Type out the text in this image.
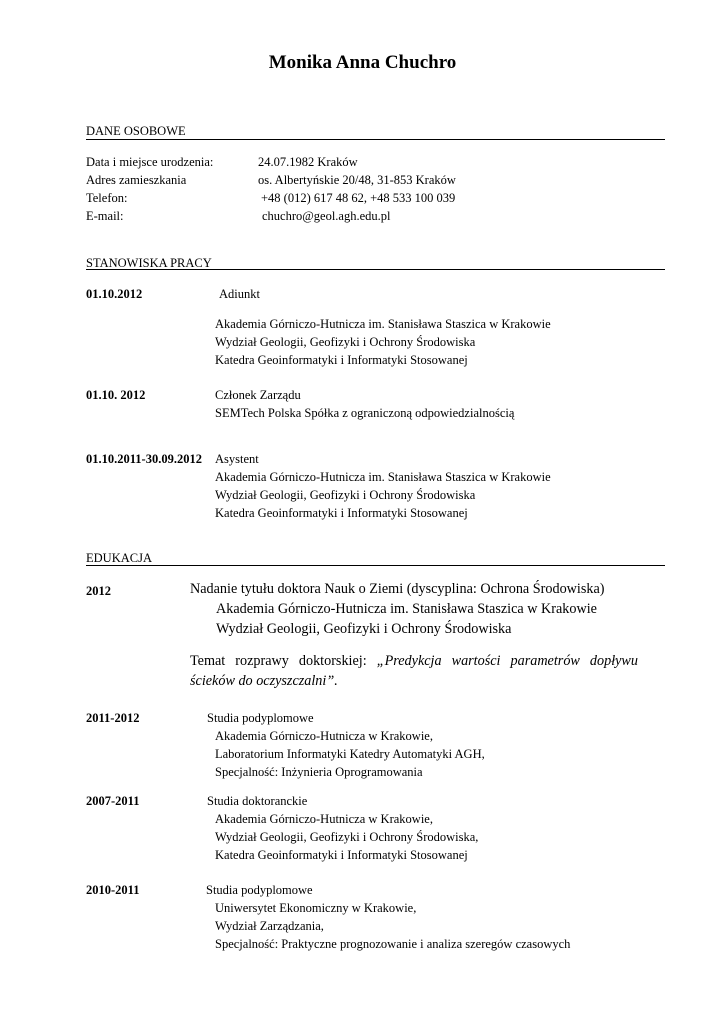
Monika Anna Chuchro
DANE OSOBOWE
Data i miejsce urodzenia:	24.07.1982 Kraków
Adres zamieszkania	os. Albertyńskie 20/48, 31-853 Kraków
Telefon:	+48 (012) 617 48 62, +48 533 100 039
E-mail:	chuchro@geol.agh.edu.pl
STANOWISKA PRACY
01.10.2012	Adiunkt
Akademia Górniczo-Hutnicza im. Stanisława Staszica w Krakowie
Wydział Geologii, Geofizyki i Ochrony Środowiska
Katedra Geoinformatyki i Informatyki Stosowanej
01.10. 2012	Członek Zarządu
SEMTech Polska Spółka z ograniczoną odpowiedzialnością
01.10.2011-30.09.2012 Asystent
Akademia Górniczo-Hutnicza im. Stanisława Staszica w Krakowie
Wydział Geologii, Geofizyki i Ochrony Środowiska
Katedra Geoinformatyki i Informatyki Stosowanej
EDUKACJA
2012	Nadanie tytułu doktora Nauk o Ziemi (dyscyplina: Ochrona Środowiska)
Akademia Górniczo-Hutnicza im. Stanisława Staszica w Krakowie
Wydział Geologii, Geofizyki i Ochrony Środowiska
Temat rozprawy doktorskiej: „Predykcja wartości parametrów dopływu ścieków do oczyszczalni”.
2011-2012	Studia podyplomowe
Akademia Górniczo-Hutnicza w Krakowie,
Laboratorium Informatyki Katedry Automatyki AGH,
Specjalność: Inżynieria Oprogramowania
2007-2011	Studia doktoranckie
Akademia Górniczo-Hutnicza w Krakowie,
Wydział Geologii, Geofizyki i Ochrony Środowiska,
Katedra Geoinformatyki i Informatyki Stosowanej
2010-2011	Studia podyplomowe
Uniwersytet Ekonomiczny w Krakowie,
Wydział Zarządzania,
Specjalność: Praktyczne prognozowanie i analiza szeregów czasowych
